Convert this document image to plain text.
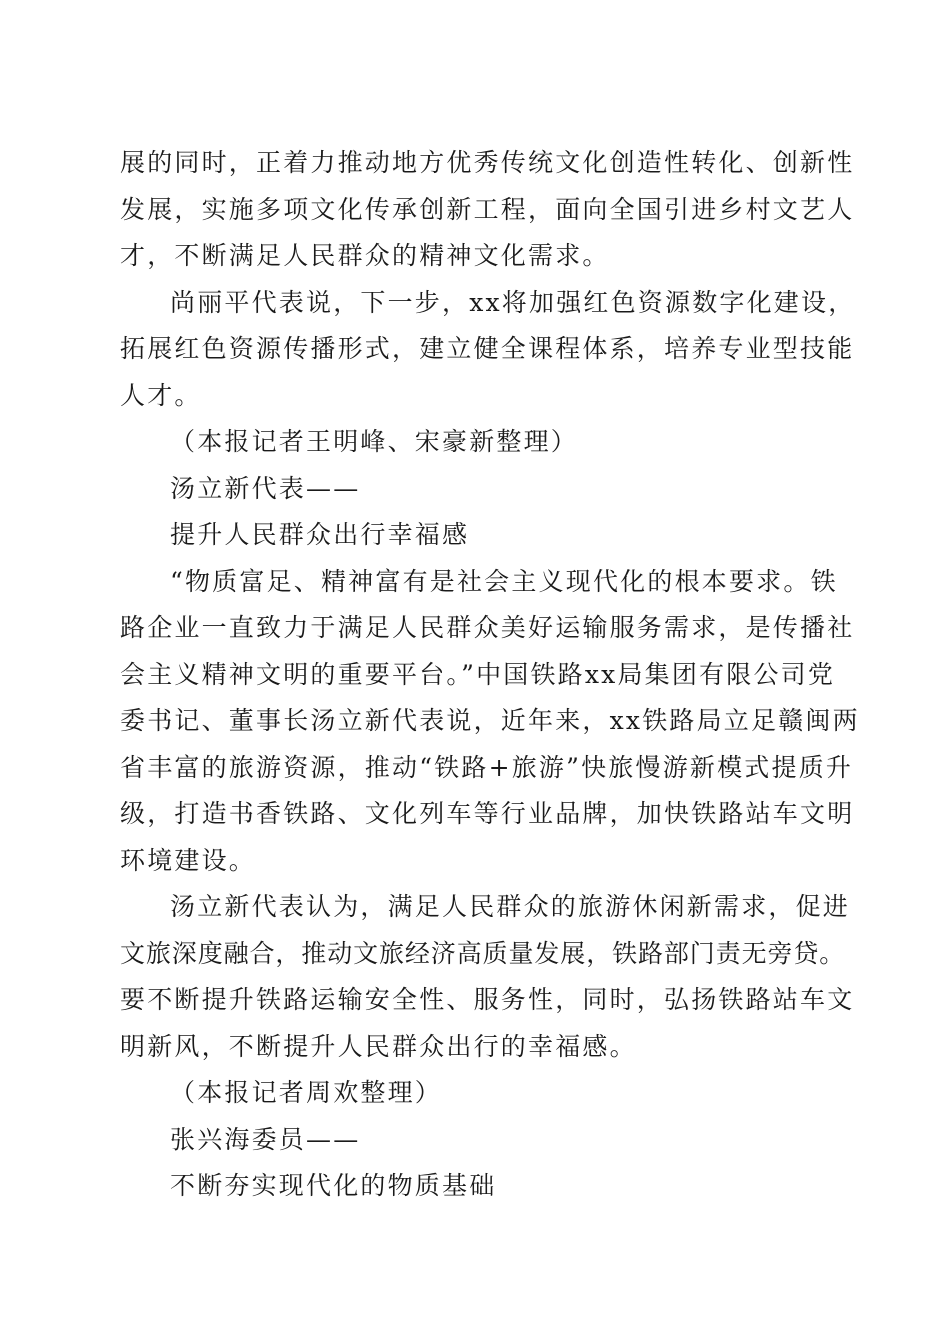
展的同时，正着力推动地方优秀传统文化创造性转化、创新性
发展，实施多项文化传承创新工程，面向全国引进乡村文艺人
才，不断满足人民群众的精神文化需求。
尚丽平代表说，下一步，xx将加强红色资源数字化建设，
拓展红色资源传播形式，建立健全课程体系，培养专业型技能
人才。
（本报记者王明峰、宋豪新整理）
汤立新代表——
提升人民群众出行幸福感
“物质富足、精神富有是社会主义现代化的根本要求。铁
路企业一直致力于满足人民群众美好运输服务需求，是传播社
会主义精神文明的重要平台。”中国铁路xx局集团有限公司党
委书记、董事长汤立新代表说，近年来，xx铁路局立足赣闽两
省丰富的旅游资源，推动“铁路+旅游”快旅慢游新模式提质升
级，打造书香铁路、文化列车等行业品牌，加快铁路站车文明
环境建设。
汤立新代表认为，满足人民群众的旅游休闲新需求，促进
文旅深度融合，推动文旅经济高质量发展，铁路部门责无旁贷。
要不断提升铁路运输安全性、服务性，同时，弘扬铁路站车文
明新风，不断提升人民群众出行的幸福感。
（本报记者周欢整理）
张兴海委员——
不断夯实现代化的物质基础
